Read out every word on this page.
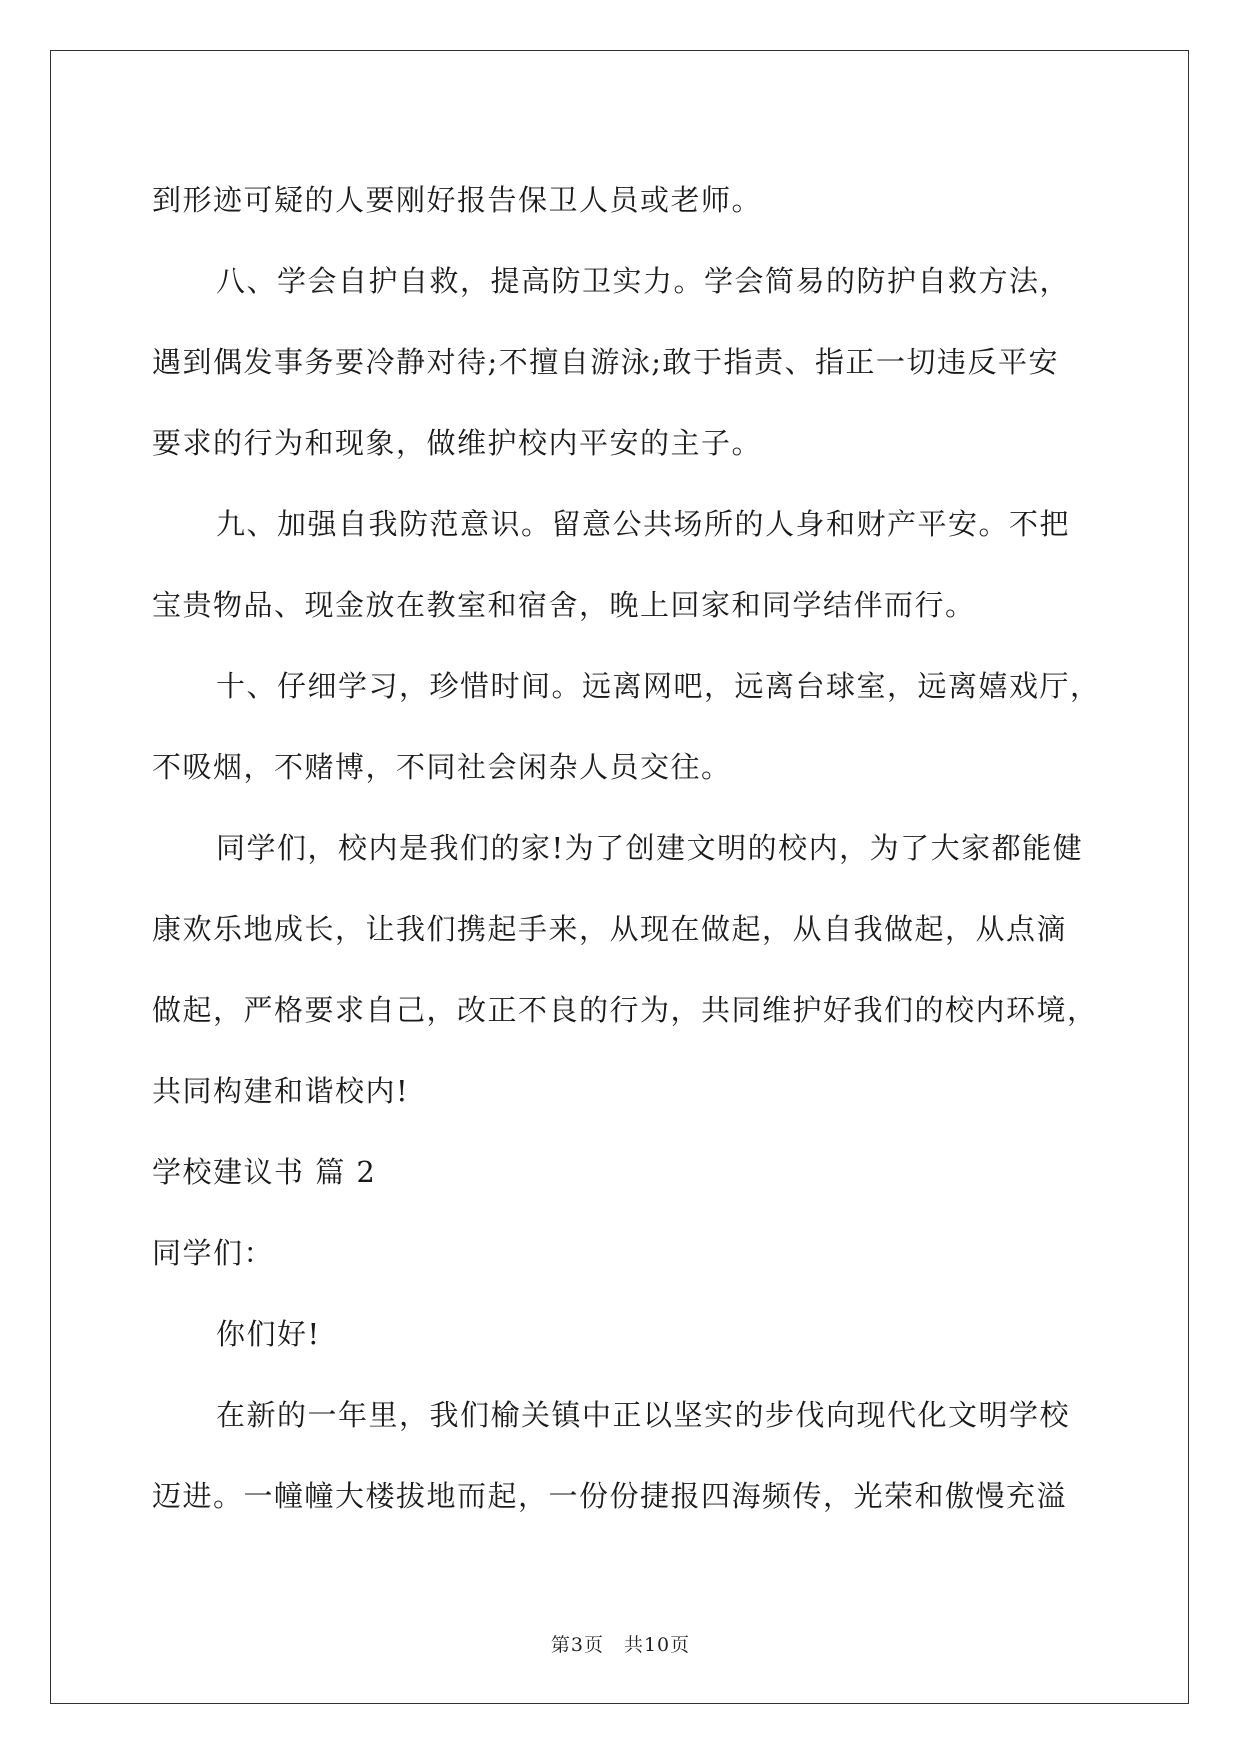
到形迹可疑的人要刚好报告保卫人员或老师。
八、学会自护自救，提高防卫实力。学会简易的防护自救方法，
遇到偶发事务要冷静对待;不擅自游泳;敢于指责、指正一切违反平安
要求的行为和现象，做维护校内平安的主子。
九、加强自我防范意识。留意公共场所的人身和财产平安。不把
宝贵物品、现金放在教室和宿舍，晚上回家和同学结伴而行。
十、仔细学习，珍惜时间。远离网吧，远离台球室，远离嬉戏厅，
不吸烟，不赌博，不同社会闲杂人员交往。
同学们，校内是我们的家!为了创建文明的校内，为了大家都能健
康欢乐地成长，让我们携起手来，从现在做起，从自我做起，从点滴
做起，严格要求自己，改正不良的行为，共同维护好我们的校内环境，
共同构建和谐校内!
学校建议书 篇 2
同学们：
你们好!
在新的一年里，我们榆关镇中正以坚实的步伐向现代化文明学校
迈进。一幢幢大楼拔地而起，一份份捷报四海频传，光荣和傲慢充溢
第3页　共10页
